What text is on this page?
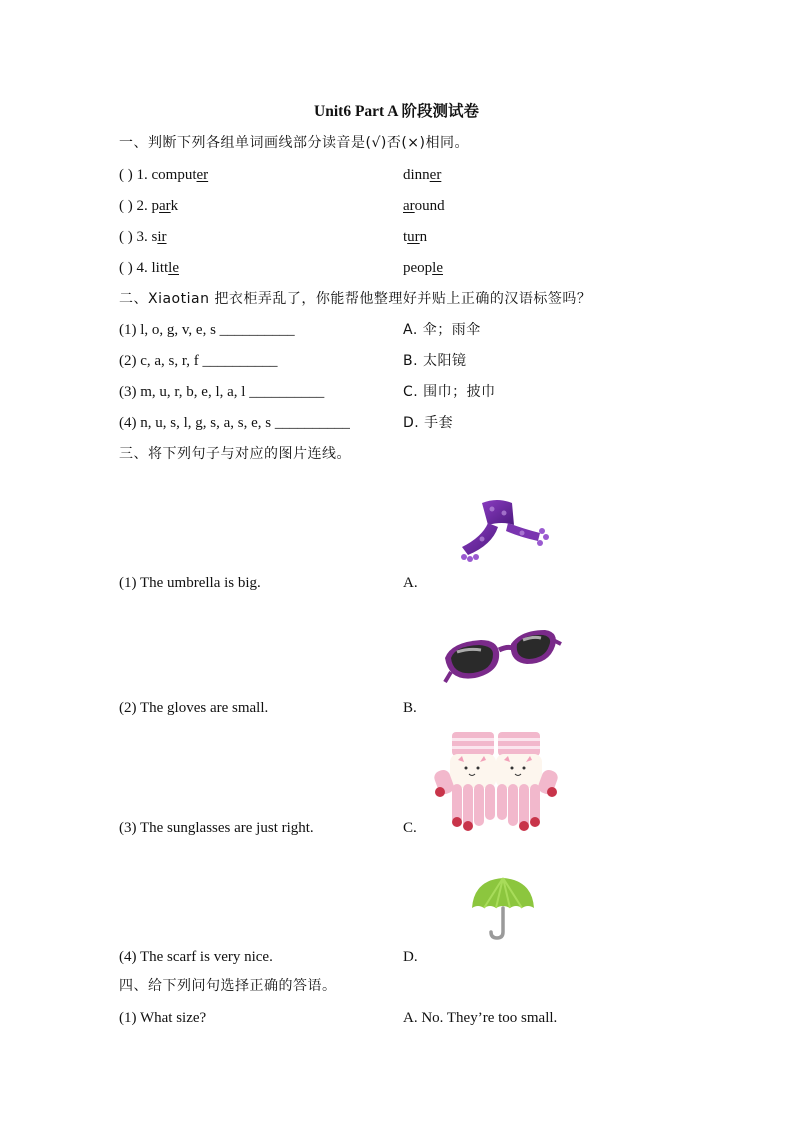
Unit6 Part A 阶段测试卷
一、判断下列各组单词画线部分读音是(√)否(×)相同。
( ) 1. computer	dinner
( ) 2. park	around
( ) 3. sir	turn
( ) 4. little	people
二、Xiaotian 把衣柜弄乱了，你能帮他整理好并贴上正确的汉语标签吗？
(1) l, o, g, v, e, s __________	A. 伞；雨伞
(2) c, a, s, r, f __________	B. 太阳镜
(3) m, u, r, b, e, l, a, l __________	C. 围巾；披巾
(4) n, u, s, l, g, s, a, s, e, s __________	D. 手套
三、将下列句子与对应的图片连线。
(1) The umbrella is big.	A.
(2) The gloves are small.	B.
(3) The sunglasses are just right.	C.
(4) The scarf is very nice.	D.
四、给下列问句选择正确的答语。
(1) What size?	A. No. They’re too small.
